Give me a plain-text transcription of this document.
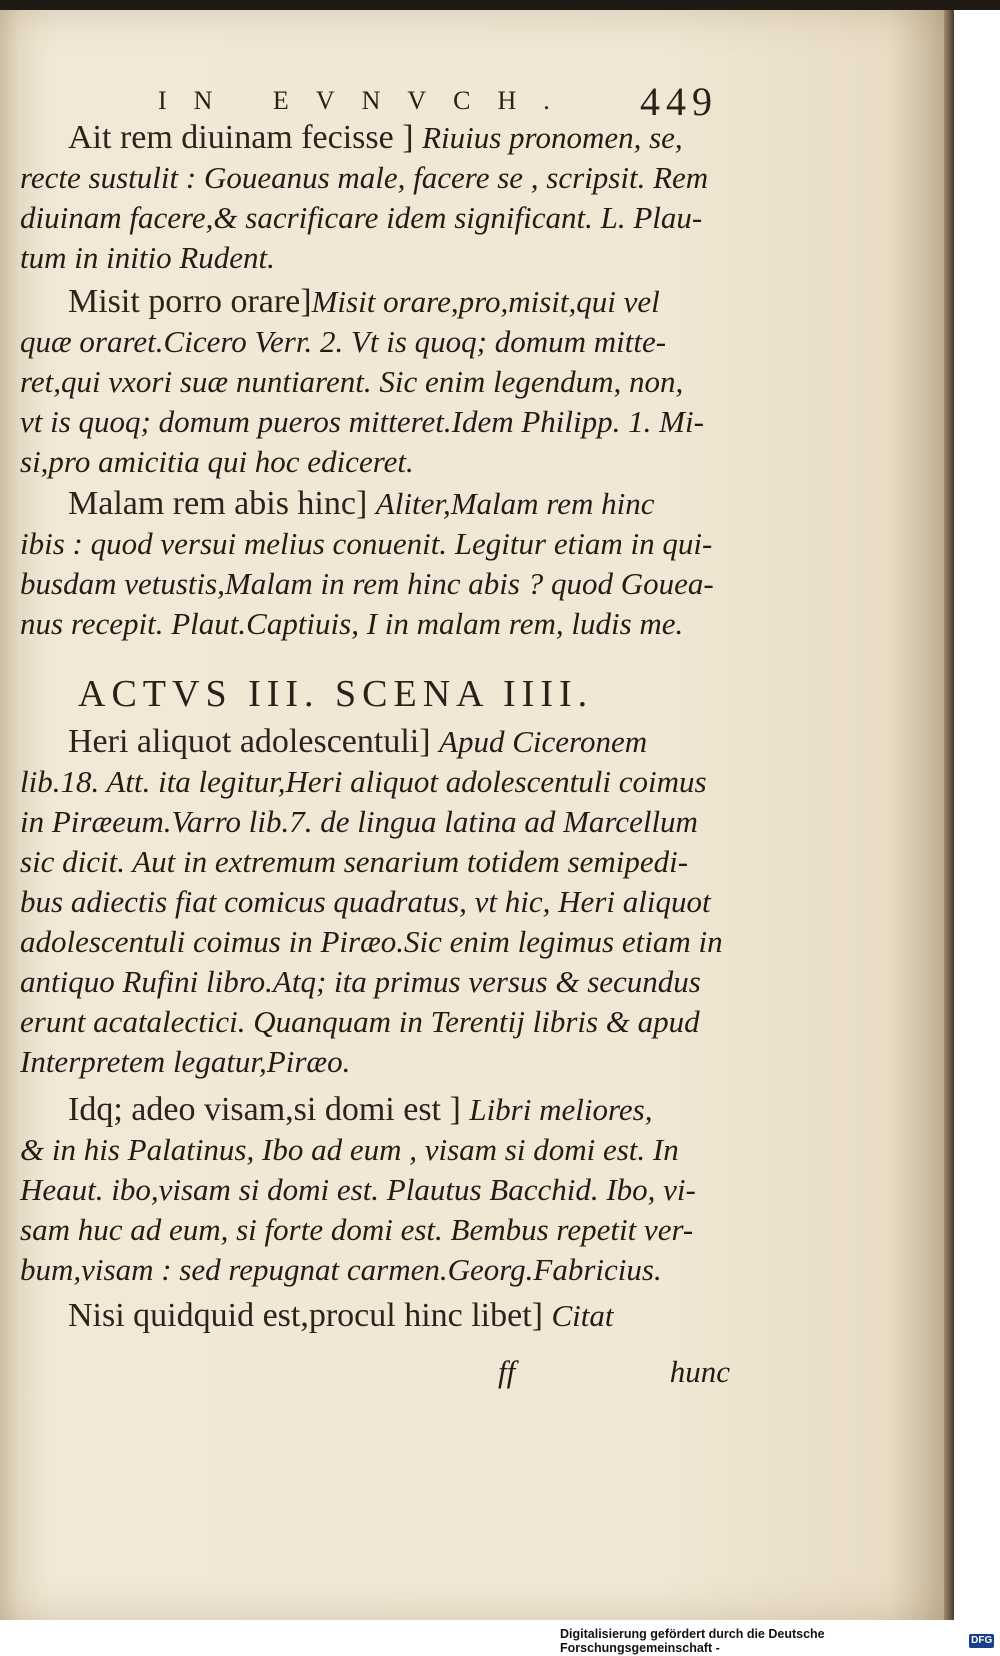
IN EVNVCH. 449
Ait rem diuinam fecisse ] Riuius pronomen, se,
recte sustulit : Goueanus male, facere se , scripsit. Rem
diuinam facere,& sacrificare idem significant. L. Plau-
tum in initio Rudent.
Misit porro orare]Misit orare,pro,misit,qui vel
quæ oraret.Cicero Verr. 2. Vt is quoq; domum mitte-
ret,qui vxori suæ nuntiarent. Sic enim legendum, non,
vt is quoq; domum pueros mitteret.Idem Philipp. 1. Mi-
si,pro amicitia qui hoc ediceret.
Malam rem abis hinc] Aliter,Malam rem hinc
ibis : quod versui melius conuenit. Legitur etiam in qui-
busdam vetustis,Malam in rem hinc abis ? quod Gouea-
nus recepit. Plaut.Captiuis, I in malam rem, ludis me.
ACTVS III. SCENA IIII.
Heri aliquot adolescentuli] Apud Ciceronem
lib.18. Att. ita legitur,Heri aliquot adolescentuli coimus
in Piræeum.Varro lib.7. de lingua latina ad Marcellum
sic dicit. Aut in extremum senarium totidem semipedi-
bus adiectis fiat comicus quadratus, vt hic, Heri aliquot
adolescentuli coimus in Piræo.Sic enim legimus etiam in
antiquo Rufini libro.Atq; ita primus versus & secundus
erunt acatalectici. Quanquam in Terentij libris & apud
Interpretem legatur,Piræo.
Idq; adeo visam,si domi est ] Libri meliores,
& in his Palatinus, Ibo ad eum , visam si domi est. In
Heaut. ibo,visam si domi est. Plautus Bacchid. Ibo, vi-
sam huc ad eum, si forte domi est. Bembus repetit ver-
bum,visam : sed repugnat carmen.Georg.Fabricius.
Nisi quidquid est,procul hinc libet] Citat
ff	hunc
Digitalisierung gefördert durch die Deutsche Forschungsgemeinschaft -
DFG
